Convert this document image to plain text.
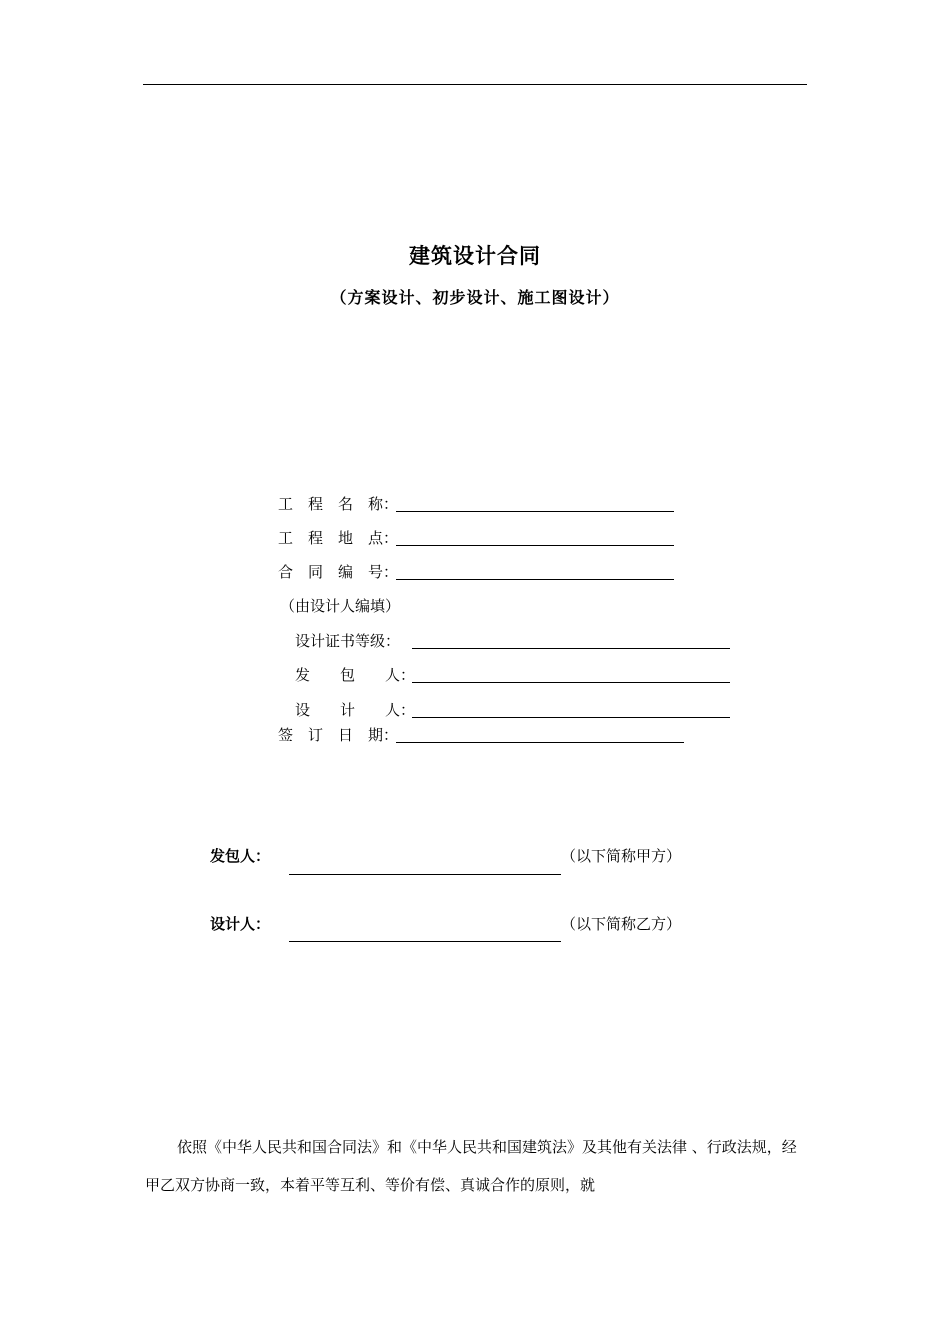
建筑设计合同
（方案设计、初步设计、施工图设计）
工　程　名　称：
工　程　地　点：
合　同　编　号：
（由设计人编填）
设计证书等级：
发　　包　　人：
设　　计　　人：
签　订　日　期：
发包人：	（以下简称甲方）
设计人：	（以下简称乙方）
依照《中华人民共和国合同法》和《中华人民共和国建筑法》及其他有关法律 、行政法规，经甲乙双方协商一致，本着平等互利、等价有偿、真诚合作的原则，就
